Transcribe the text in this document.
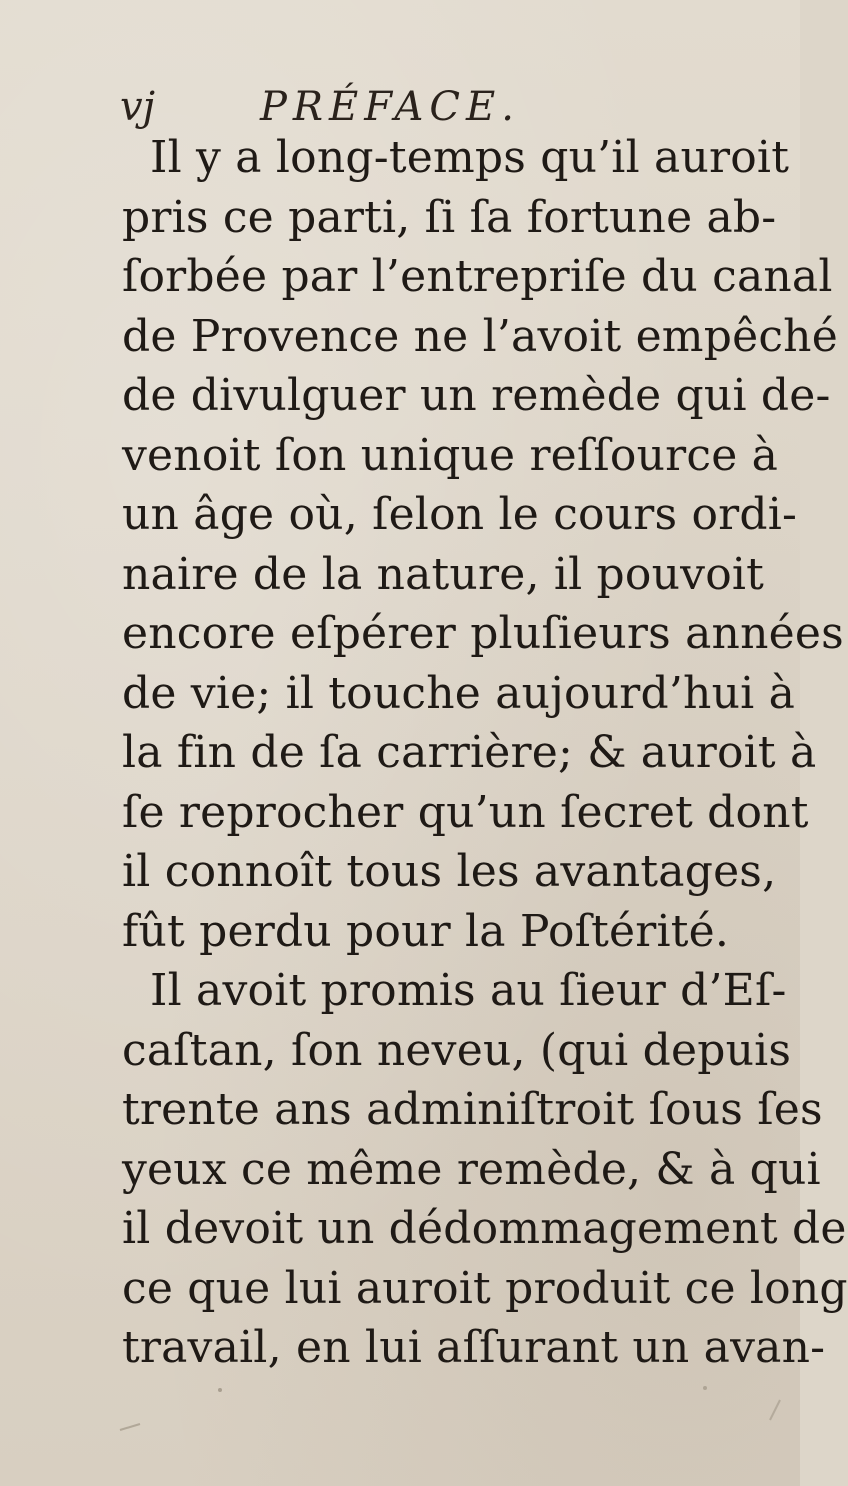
vj	PRÉFACE.
Il y a long-temps qu’il auroit
pris ce parti, ſi ſa fortune ab-
ſorbée par l’entrepriſe du canal
de Provence ne l’avoit empêché
de divulguer un remède qui de-
venoit ſon unique reſſource à
un âge où, ſelon le cours ordi-
naire de la nature, il pouvoit
encore eſpérer pluſieurs années
de vie; il touche aujourd’hui à
la fin de ſa carrière; & auroit à
ſe reprocher qu’un ſecret dont
il connoît tous les avantages,
fût perdu pour la Poſtérité.
Il avoit promis au ſieur d’Eſ-
caſtan, ſon neveu, (qui depuis
trente ans adminiſtroit ſous ſes
yeux ce même remède, & à qui
il devoit un dédommagement de
ce que lui auroit produit ce long
travail, en lui aſſurant un avan-
